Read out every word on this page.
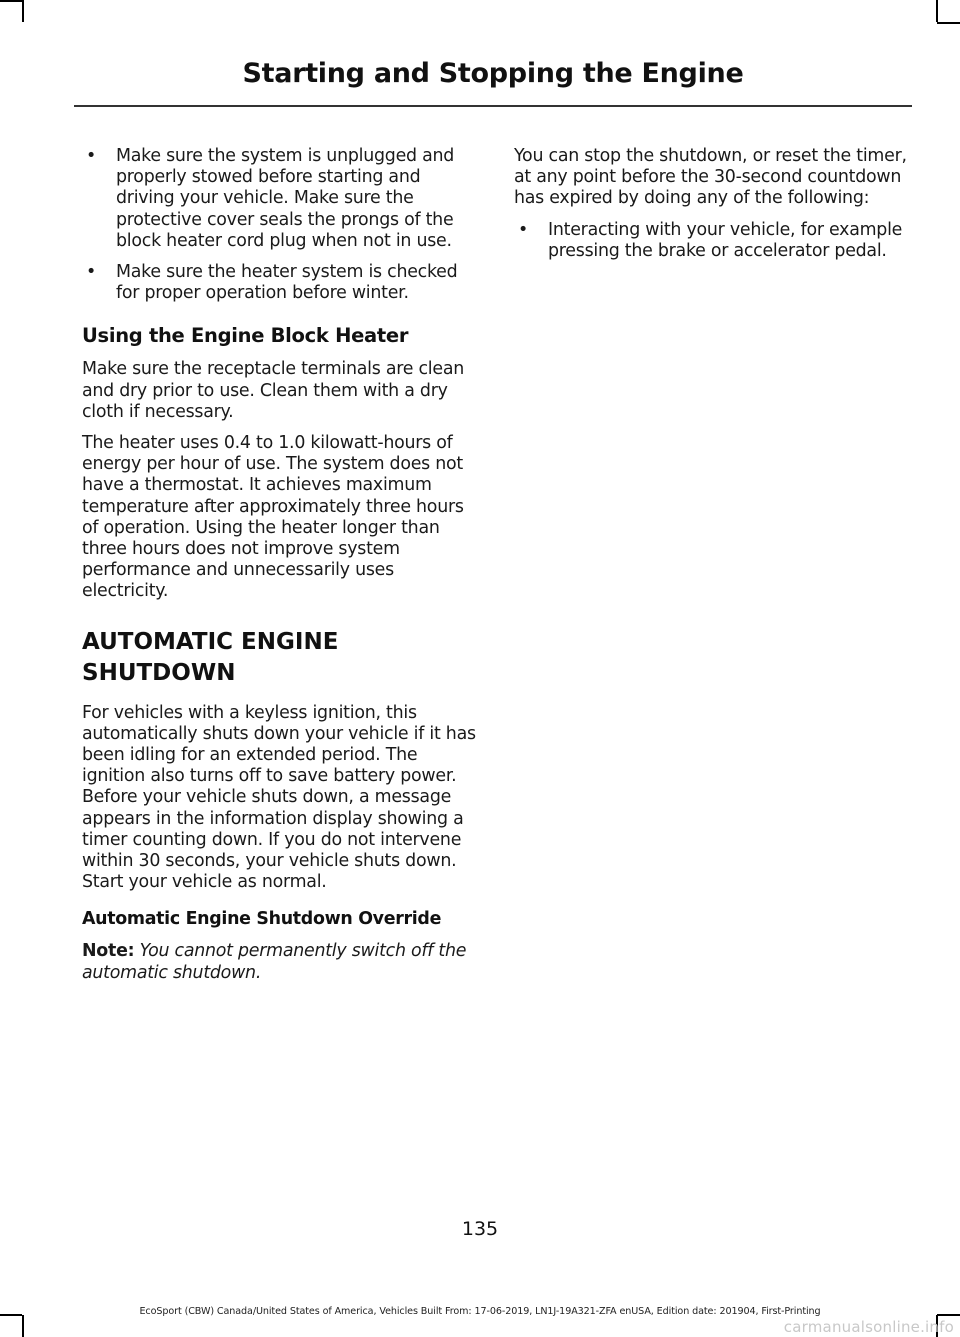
Starting and Stopping the Engine
• Make sure the system is unplugged and properly stowed before starting and driving your vehicle. Make sure the protective cover seals the prongs of the block heater cord plug when not in use.
• Make sure the heater system is checked for proper operation before winter.
Using the Engine Block Heater
Make sure the receptacle terminals are clean and dry prior to use. Clean them with a dry cloth if necessary.
The heater uses 0.4 to 1.0 kilowatt-hours of energy per hour of use. The system does not have a thermostat. It achieves maximum temperature after approximately three hours of operation. Using the heater longer than three hours does not improve system performance and unnecessarily uses electricity.
AUTOMATIC ENGINE
SHUTDOWN
For vehicles with a keyless ignition, this automatically shuts down your vehicle if it has been idling for an extended period. The ignition also turns off to save battery power. Before your vehicle shuts down, a message appears in the information display showing a timer counting down. If you do not intervene within 30 seconds, your vehicle shuts down. Start your vehicle as normal.
Automatic Engine Shutdown Override
Note: You cannot permanently switch off the automatic shutdown.
You can stop the shutdown, or reset the timer, at any point before the 30-second countdown has expired by doing any of the following:
• Interacting with your vehicle, for example pressing the brake or accelerator pedal.
135
EcoSport (CBW) Canada/United States of America, Vehicles Built From: 17-06-2019, LN1J-19A321-ZFA enUSA, Edition date: 201904, First-Printing
carmanualsonline.info
